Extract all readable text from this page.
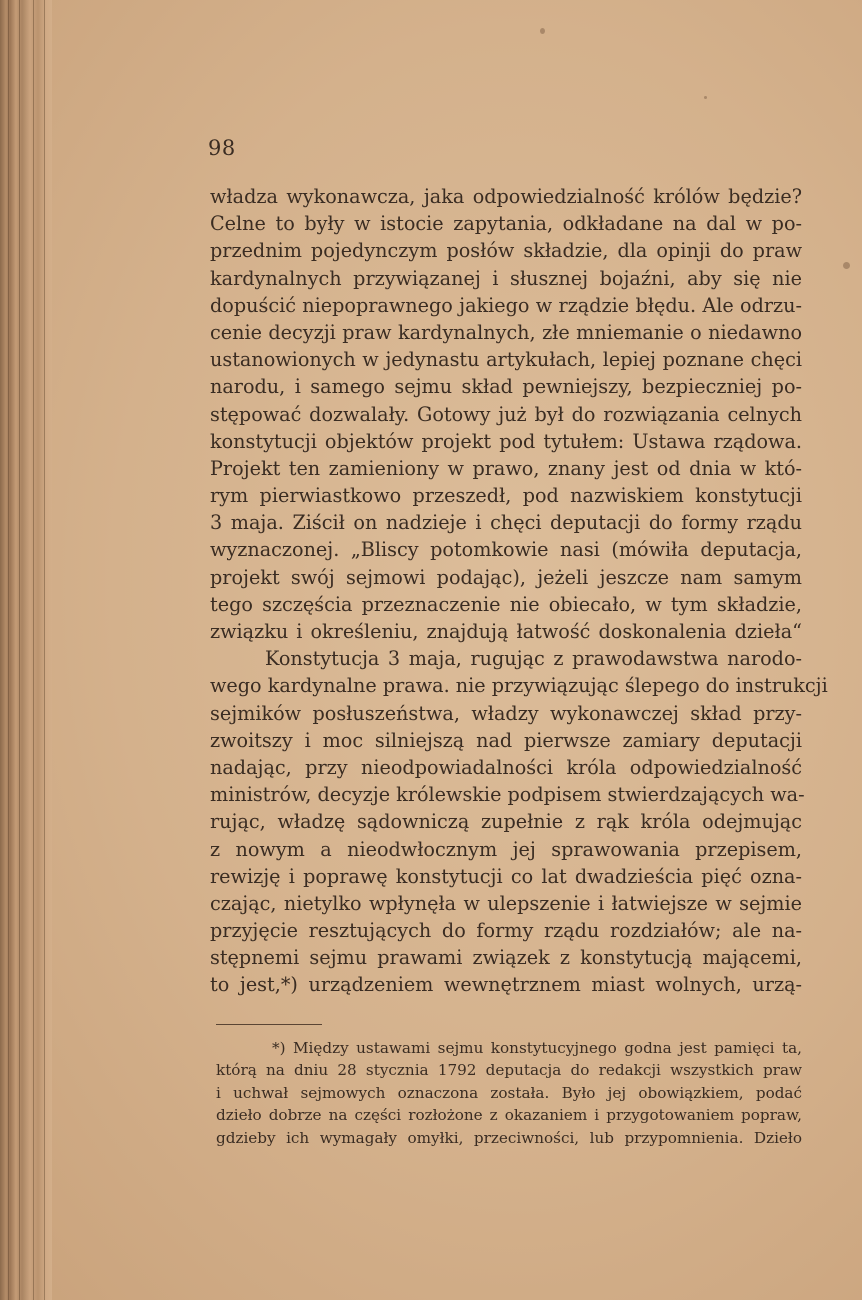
98
władza wykonawcza, jaka odpowiedzialność królów będzie?
Celne to były w istocie zapytania, odkładane na dal w po-
przednim pojedynczym posłów składzie, dla opinji do praw
kardynalnych przywiązanej i słusznej bojaźni, aby się nie
dopuścić niepoprawnego jakiego w rządzie błędu. Ale odrzu-
cenie decyzji praw kardynalnych, złe mniemanie o niedawno
ustanowionych w jedynastu artykułach, lepiej poznane chęci
narodu, i samego sejmu skład pewniejszy, bezpieczniej po-
stępować dozwalały. Gotowy już był do rozwiązania celnych
konstytucji objektów projekt pod tytułem: Ustawa rządowa.
Projekt ten zamieniony w prawo, znany jest od dnia w któ-
rym pierwiastkowo przeszedł, pod nazwiskiem konstytucji
3 maja. Ziścił on nadzieje i chęci deputacji do formy rządu
wyznaczonej. „Bliscy potomkowie nasi (mówiła deputacja,
projekt swój sejmowi podając), jeżeli jeszcze nam samym
tego szczęścia przeznaczenie nie obiecało, w tym składzie,
związku i określeniu, znajdują łatwość doskonalenia dzieła“
Konstytucja 3 maja, rugując z prawodawstwa narodo-
wego kardynalne prawa. nie przywiązując ślepego do instrukcji
sejmików posłuszeństwa, władzy wykonawczej skład przy-
zwoitszy i moc silniejszą nad pierwsze zamiary deputacji
nadając, przy nieodpowiadalności króla odpowiedzialność
ministrów, decyzje królewskie podpisem stwierdzających wa-
rując, władzę sądowniczą zupełnie z rąk króla odejmując
z nowym a nieodwłocznym jej sprawowania przepisem,
rewizję i poprawę konstytucji co lat dwadzieścia pięć ozna-
czając, nietylko wpłynęła w ulepszenie i łatwiejsze w sejmie
przyjęcie resztujących do formy rządu rozdziałów; ale na-
stępnemi sejmu prawami związek z konstytucją mającemi,
to jest,*) urządzeniem wewnętrznem miast wolnych, urzą-
*) Między ustawami sejmu konstytucyjnego godna jest pamięci ta,
którą na dniu 28 stycznia 1792 deputacja do redakcji wszystkich praw
i uchwał sejmowych oznaczona została. Było jej obowiązkiem, podać
dzieło dobrze na części rozłożone z okazaniem i przygotowaniem popraw,
gdzieby ich wymagały omyłki, przeciwności, lub przypomnienia. Dzieło
